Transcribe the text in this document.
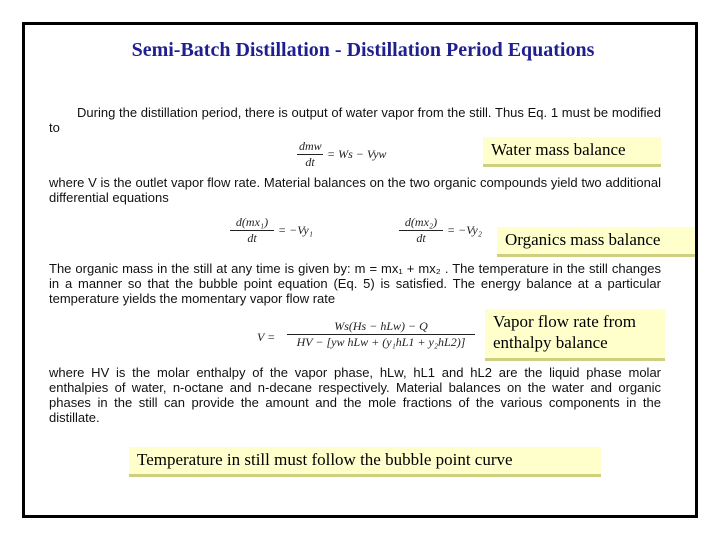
Semi-Batch Distillation - Distillation Period Equations
During the distillation period, there is output of water vapor from the still. Thus Eq. 1 must be modified to
dmw
dt
= Ws − Vyw
where V is the outlet vapor flow rate. Material balances on the two organic compounds yield two additional differential equations
$\frac{\text{d(mx₁)}}{dt} = -Vy_1$	$\frac{\text{d(mx₂)}}{dt} = -Vy_2$
The organic mass in the still at any time is given by: m = mx₁ + mx₂ . The temperature in the still changes in a manner so that the bubble point equation (Eq. 5) is satisfied. The energy balance at a particular temperature yields the momentary vapor flow rate
V =
Ws(Hs − hLw) − Q
HV − [yw hLw + (y₁hL1 + y₂hL2)]
where HV is the molar enthalpy of the vapor phase, hLw, hL1 and hL2 are the liquid phase molar enthalpies of water, n-octane and n-decane respectively. Material balances on the water and organic phases in the still can provide the amount and the mole fractions of the various components in the distillate.
Water mass balance
Organics mass balance
Vapor flow rate from enthalpy balance
Temperature in still must follow the bubble point curve
